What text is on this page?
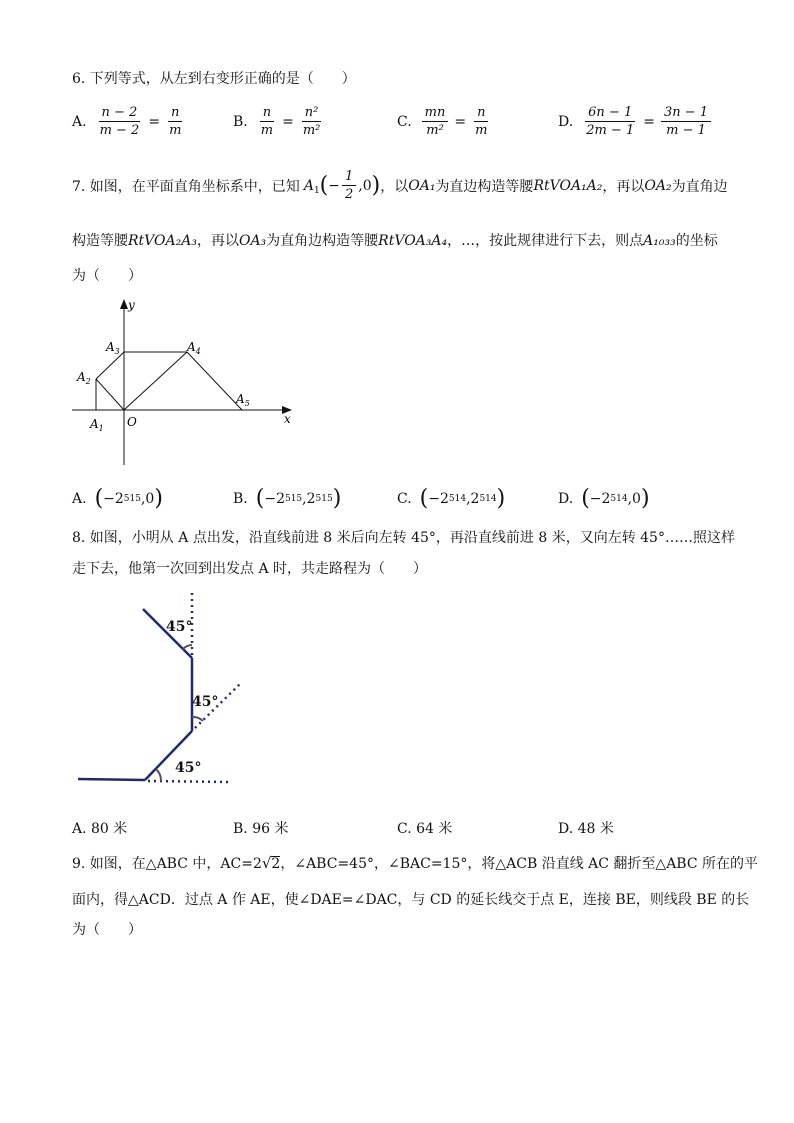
6. 下列等式，从左到右变形正确的是（　　）
A. $\frac{n - 2}{m - 2} = \frac{n}{m}$	B. $\frac{n}{m} = \frac{\text{n²}}{\text{m²}}$	C. $\frac{mn}{\text{m²}} = \frac{n}{m}$	D. $\frac{6n - 1}{2m - 1} = \frac{3n - 1}{m - 1}$
7. 如图，在平面直角坐标系中，已知 A 1 ( − $\frac{1}{2} ,0$ ) ，以 OA₁ 为直边构造等腰 RtVOA₁A₂ ，再以 OA₂ 为直角边
构造等腰RtVOA₂A₃，再以OA₃为直角边构造等腰RtVOA₃A₄，…，按此规律进行下去，则点A₁₀₃₃的坐标
为（　　）
y
x
O
$A_1$
$A_2$
$A_3$	$A_4$
$A_5$
A. ( −2 515 ,0 )	B. ( −2 515 ,2 515 )	C. ( −2 514 ,2 514 )	D. ( −2 514 ,0 )
8. 如图，小明从 A 点出发，沿直线前进 8 米后向左转 45°，再沿直线前进 8 米，又向左转 45°……照这样
走下去，他第一次回到出发点 A 时，共走路程为（　　）
45°
45°
45°
A. 80 米	B. 96 米	C. 64 米	D. 48 米
9. 如图，在△ABC 中，AC=2 √ 2 ，∠ABC=45°，∠BAC=15°，将△ACB 沿直线 AC 翻折至△ABC 所在的平
面内，得△ACD．过点 A 作 AE，使∠DAE=∠DAC，与 CD 的延长线交于点 E，连接 BE，则线段 BE 的长
为（　　）
